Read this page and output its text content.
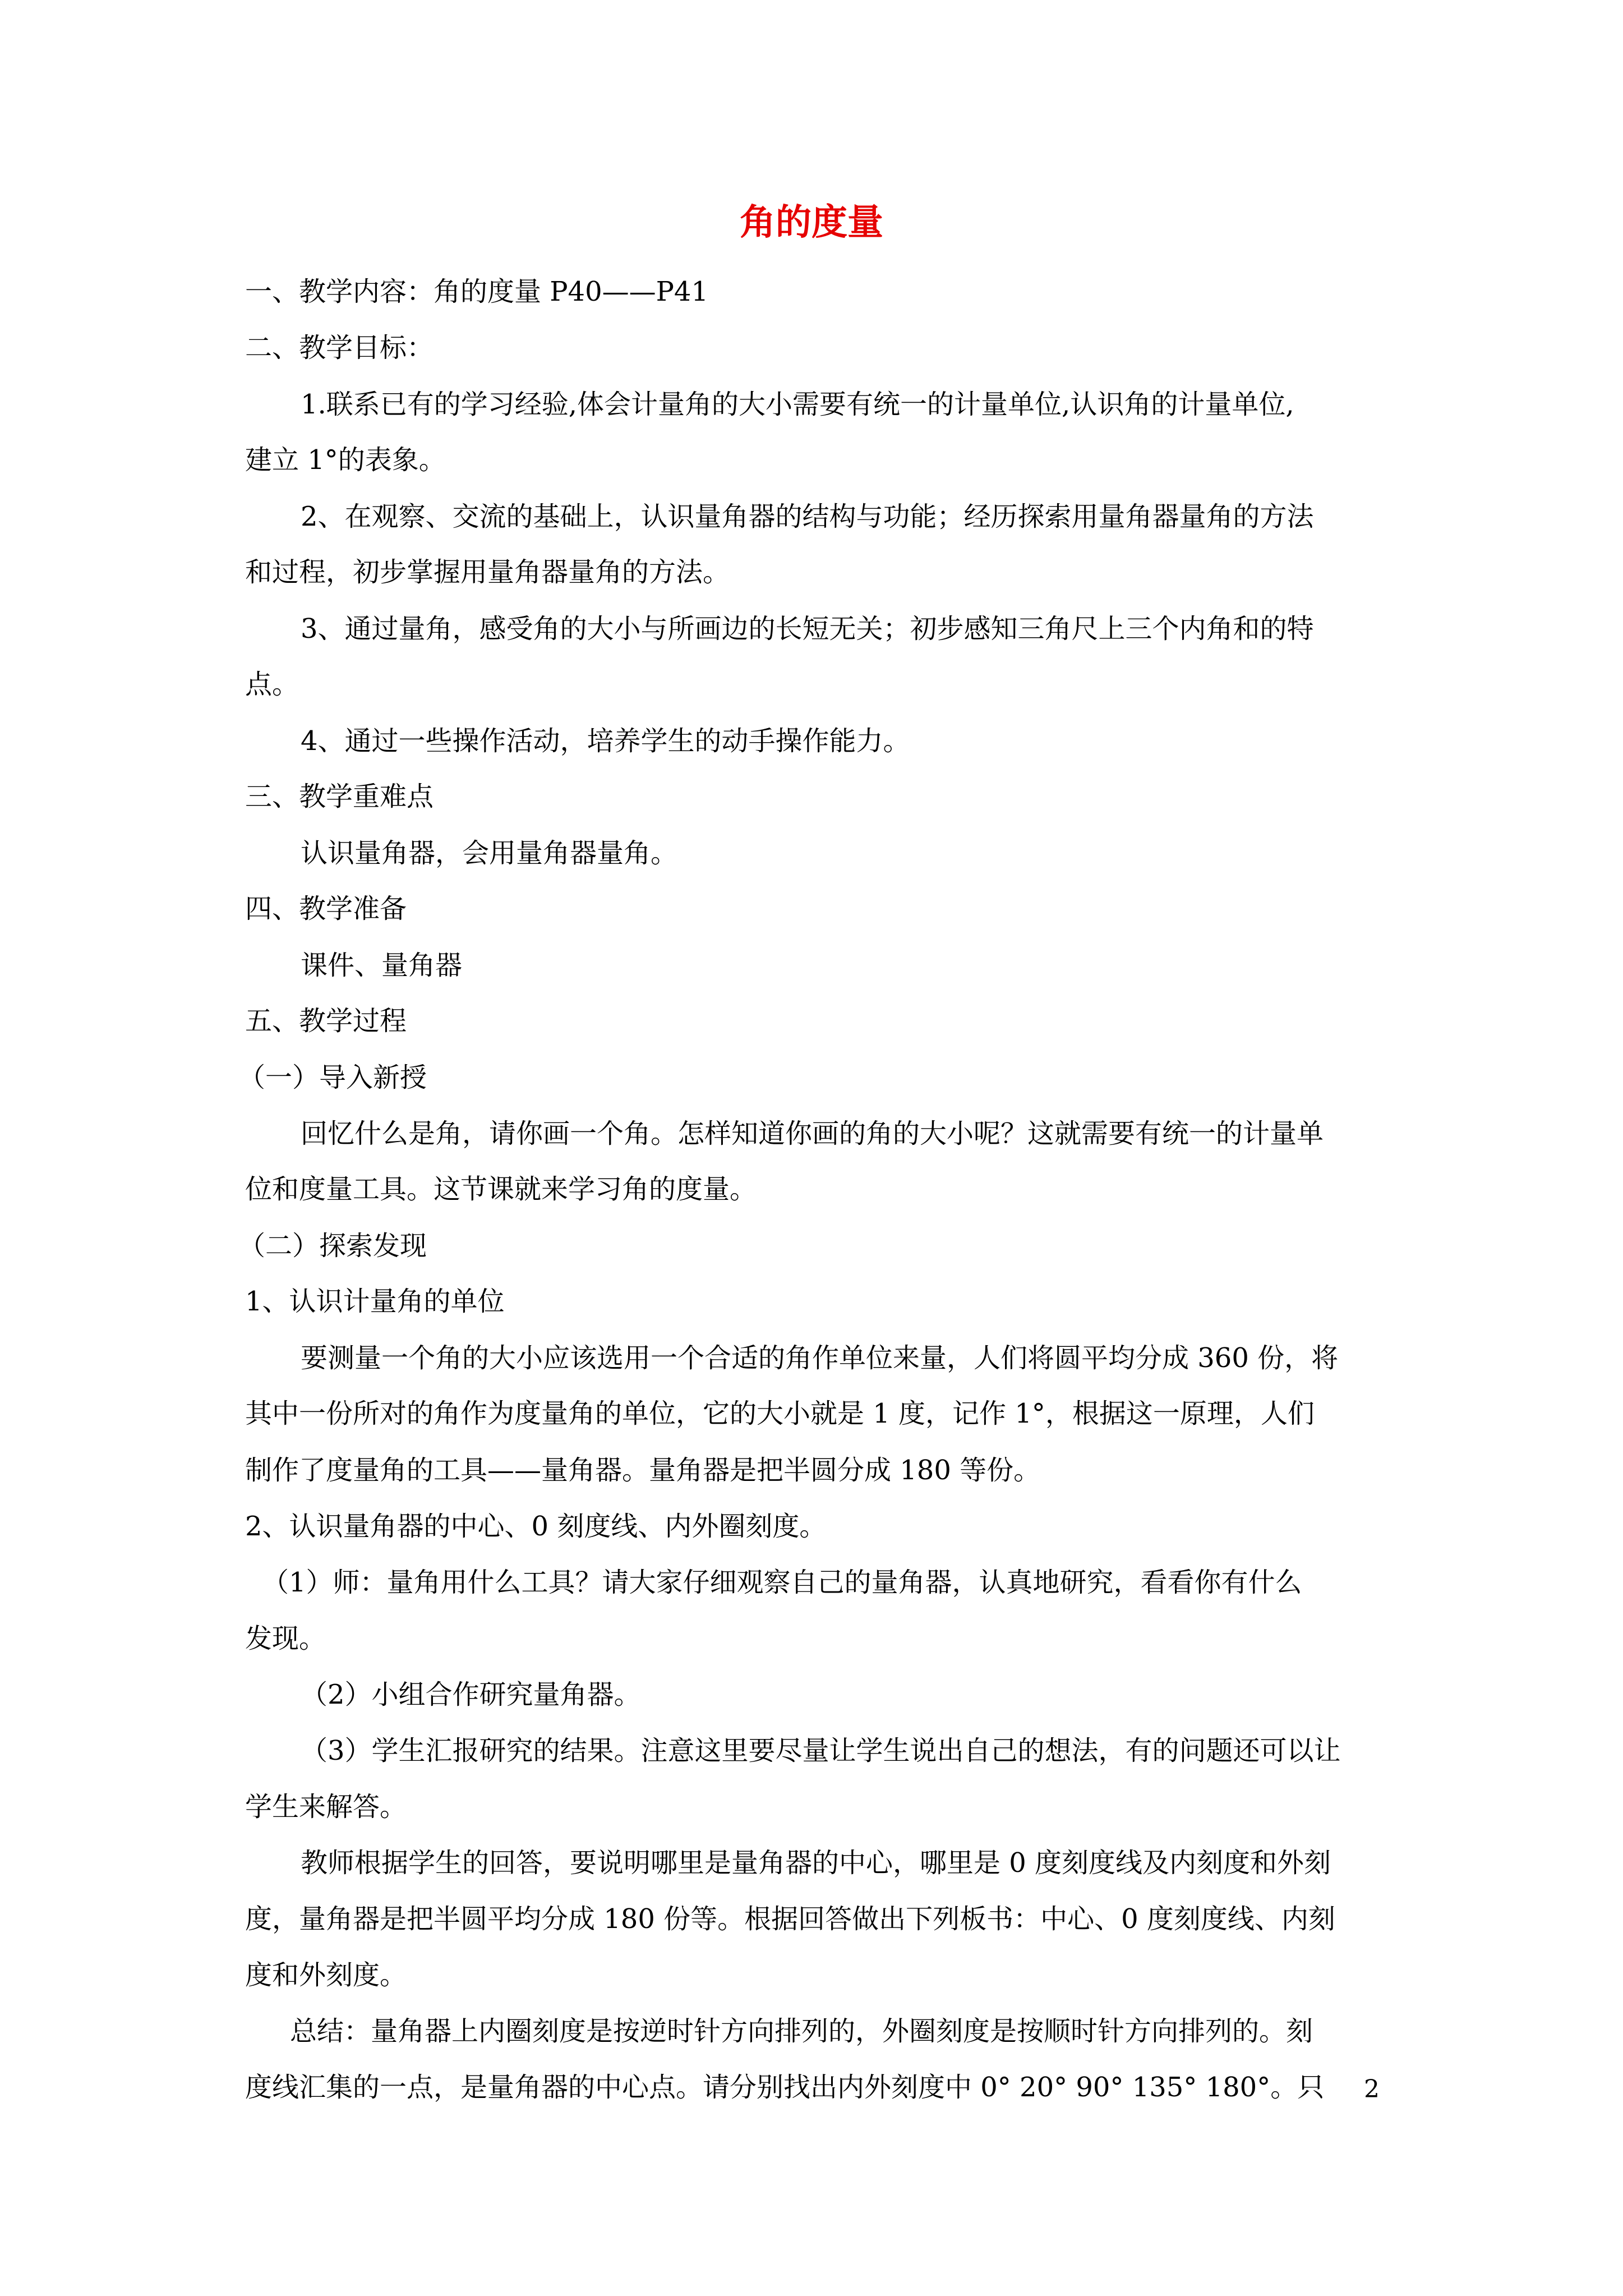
角的度量
一、教学内容：角的度量 P40——P41
二、教学目标：
1.联系已有的学习经验,体会计量角的大小需要有统一的计量单位,认识角的计量单位,
建立 1°的表象。
2、在观察、交流的基础上，认识量角器的结构与功能；经历探索用量角器量角的方法
和过程，初步掌握用量角器量角的方法。
3、通过量角，感受角的大小与所画边的长短无关；初步感知三角尺上三个内角和的特
点。
4、通过一些操作活动，培养学生的动手操作能力。
三、教学重难点
认识量角器，会用量角器量角。
四、教学准备
课件、量角器
五、教学过程
（一）导入新授
回忆什么是角，请你画一个角。怎样知道你画的角的大小呢？这就需要有统一的计量单
位和度量工具。这节课就来学习角的度量。
（二）探索发现
1、认识计量角的单位
要测量一个角的大小应该选用一个合适的角作单位来量，人们将圆平均分成 360 份，将
其中一份所对的角作为度量角的单位，它的大小就是 1 度，记作 1°，根据这一原理，人们
制作了度量角的工具——量角器。量角器是把半圆分成 180 等份。
2、认识量角器的中心、0 刻度线、内外圈刻度。
（1）师：量角用什么工具？请大家仔细观察自己的量角器，认真地研究，看看你有什么
发现。
（2）小组合作研究量角器。
（3）学生汇报研究的结果。注意这里要尽量让学生说出自己的想法，有的问题还可以让
学生来解答。
教师根据学生的回答，要说明哪里是量角器的中心，哪里是 0 度刻度线及内刻度和外刻
度，量角器是把半圆平均分成 180 份等。根据回答做出下列板书：中心、0 度刻度线、内刻
度和外刻度。
总结：量角器上内圈刻度是按逆时针方向排列的，外圈刻度是按顺时针方向排列的。刻
度线汇集的一点，是量角器的中心点。请分别找出内外刻度中 0° 20° 90° 135° 180°。只 2
